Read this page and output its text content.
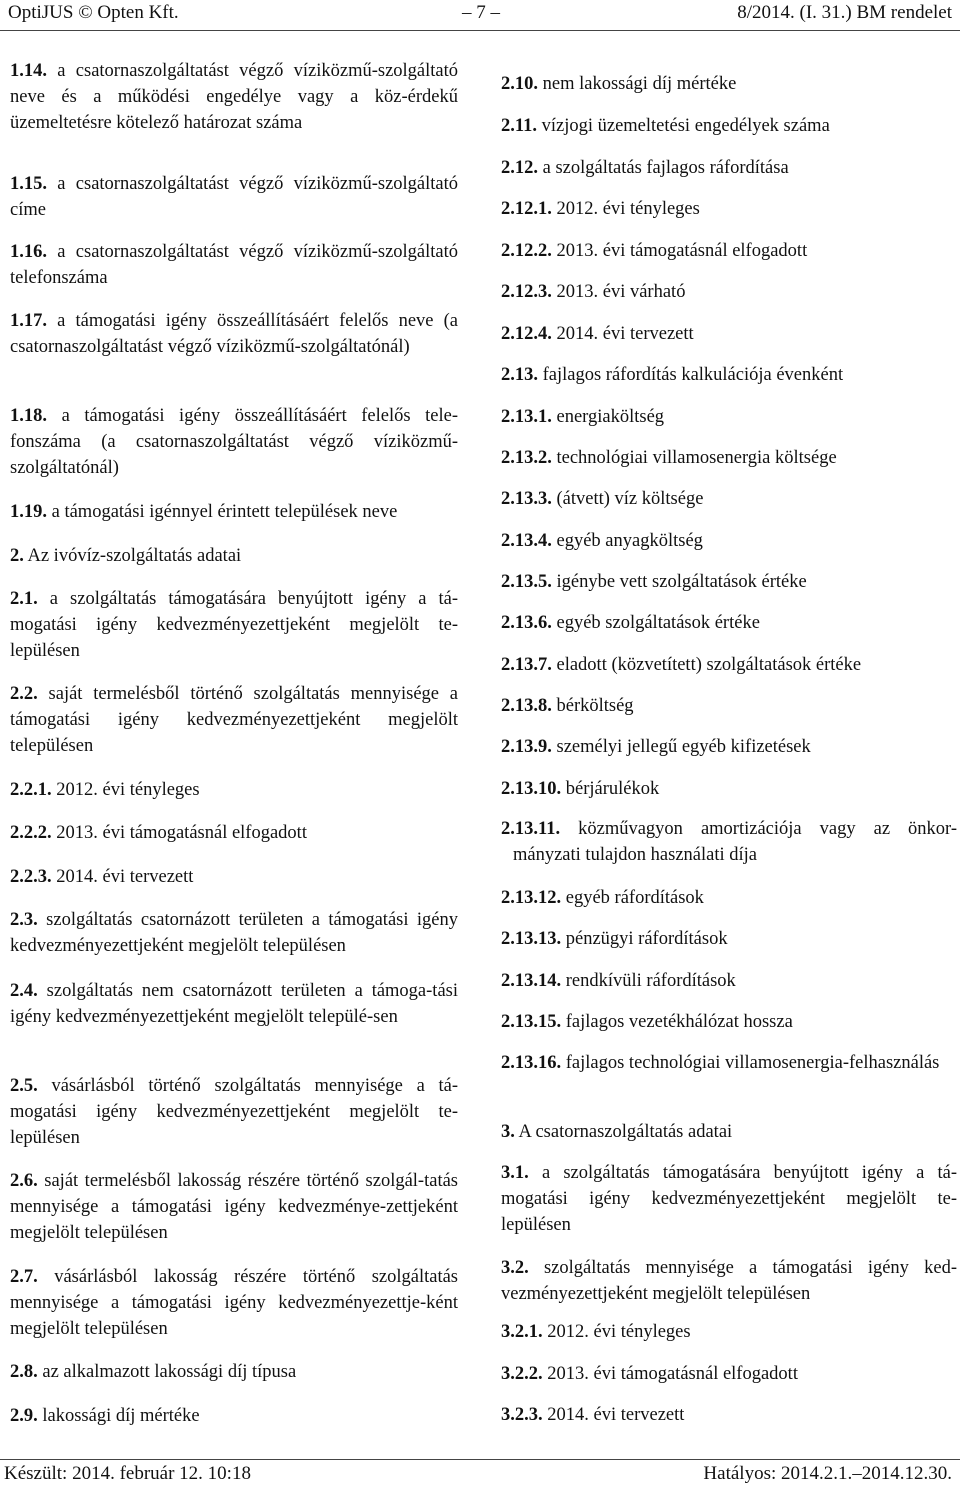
OptiJUS © Opten Kft.	– 7 –	8/2014. (I. 31.) BM rendelet
1.14. a csatornaszolgáltatást végző víziközmű-szolgáltató neve és a működési engedélye vagy a köz-érdekű üzemeltetésre kötelező határozat száma
1.15. a csatornaszolgáltatást végző víziközmű-szolgáltató címe
1.16. a csatornaszolgáltatást végző víziközmű-szolgáltató telefonszáma
1.17. a támogatási igény összeállításáért felelős neve (a csatornaszolgáltatást végző víziközmű-szolgáltatónál)
1.18. a támogatási igény összeállításáért felelős tele-fonszáma (a csatornaszolgáltatást végző víziközmű-szolgáltatónál)
1.19. a támogatási igénnyel érintett települések neve
2. Az ivóvíz-szolgáltatás adatai
2.1. a szolgáltatás támogatására benyújtott igény a tá-mogatási igény kedvezményezettjeként megjelölt te-lepülésen
2.2. saját termelésből történő szolgáltatás mennyisége a támogatási igény kedvezményezettjeként megjelölt településen
2.2.1. 2012. évi tényleges
2.2.2. 2013. évi támogatásnál elfogadott
2.2.3. 2014. évi tervezett
2.3. szolgáltatás csatornázott területen a támogatási igény kedvezményezettjeként megjelölt településen
2.4. szolgáltatás nem csatornázott területen a támoga-tási igény kedvezményezettjeként megjelölt települé-sen
2.5. vásárlásból történő szolgáltatás mennyisége a tá-mogatási igény kedvezményezettjeként megjelölt te-lepülésen
2.6. saját termelésből lakosság részére történő szolgál-tatás mennyisége a támogatási igény kedvezménye-zettjeként megjelölt településen
2.7. vásárlásból lakosság részére történő szolgáltatás mennyisége a támogatási igény kedvezményezettje-ként megjelölt településen
2.8. az alkalmazott lakossági díj típusa
2.9. lakossági díj mértéke
2.10. nem lakossági díj mértéke
2.11. vízjogi üzemeltetési engedélyek száma
2.12. a szolgáltatás fajlagos ráfordítása
2.12.1. 2012. évi tényleges
2.12.2. 2013. évi támogatásnál elfogadott
2.12.3. 2013. évi várható
2.12.4. 2014. évi tervezett
2.13. fajlagos ráfordítás kalkulációja évenként
2.13.1. energiaköltség
2.13.2. technológiai villamosenergia költsége
2.13.3. (átvett) víz költsége
2.13.4. egyéb anyagköltség
2.13.5. igénybe vett szolgáltatások értéke
2.13.6. egyéb szolgáltatások értéke
2.13.7. eladott (közvetített) szolgáltatások értéke
2.13.8. bérköltség
2.13.9. személyi jellegű egyéb kifizetések
2.13.10. bérjárulékok
2.13.11. közművagyon amortizációja vagy az önkor-mányzati tulajdon használati díja
2.13.12. egyéb ráfordítások
2.13.13. pénzügyi ráfordítások
2.13.14. rendkívüli ráfordítások
2.13.15. fajlagos vezetékhálózat hossza
2.13.16. fajlagos technológiai villamosenergia-felhasználás
3. A csatornaszolgáltatás adatai
3.1. a szolgáltatás támogatására benyújtott igény a tá-mogatási igény kedvezményezettjeként megjelölt te-lepülésen
3.2. szolgáltatás mennyisége a támogatási igény ked-vezményezettjeként megjelölt településen
3.2.1. 2012. évi tényleges
3.2.2. 2013. évi támogatásnál elfogadott
3.2.3. 2014. évi tervezett
Készült: 2014. február 12. 10:18	Hatályos: 2014.2.1.–2014.12.30.
